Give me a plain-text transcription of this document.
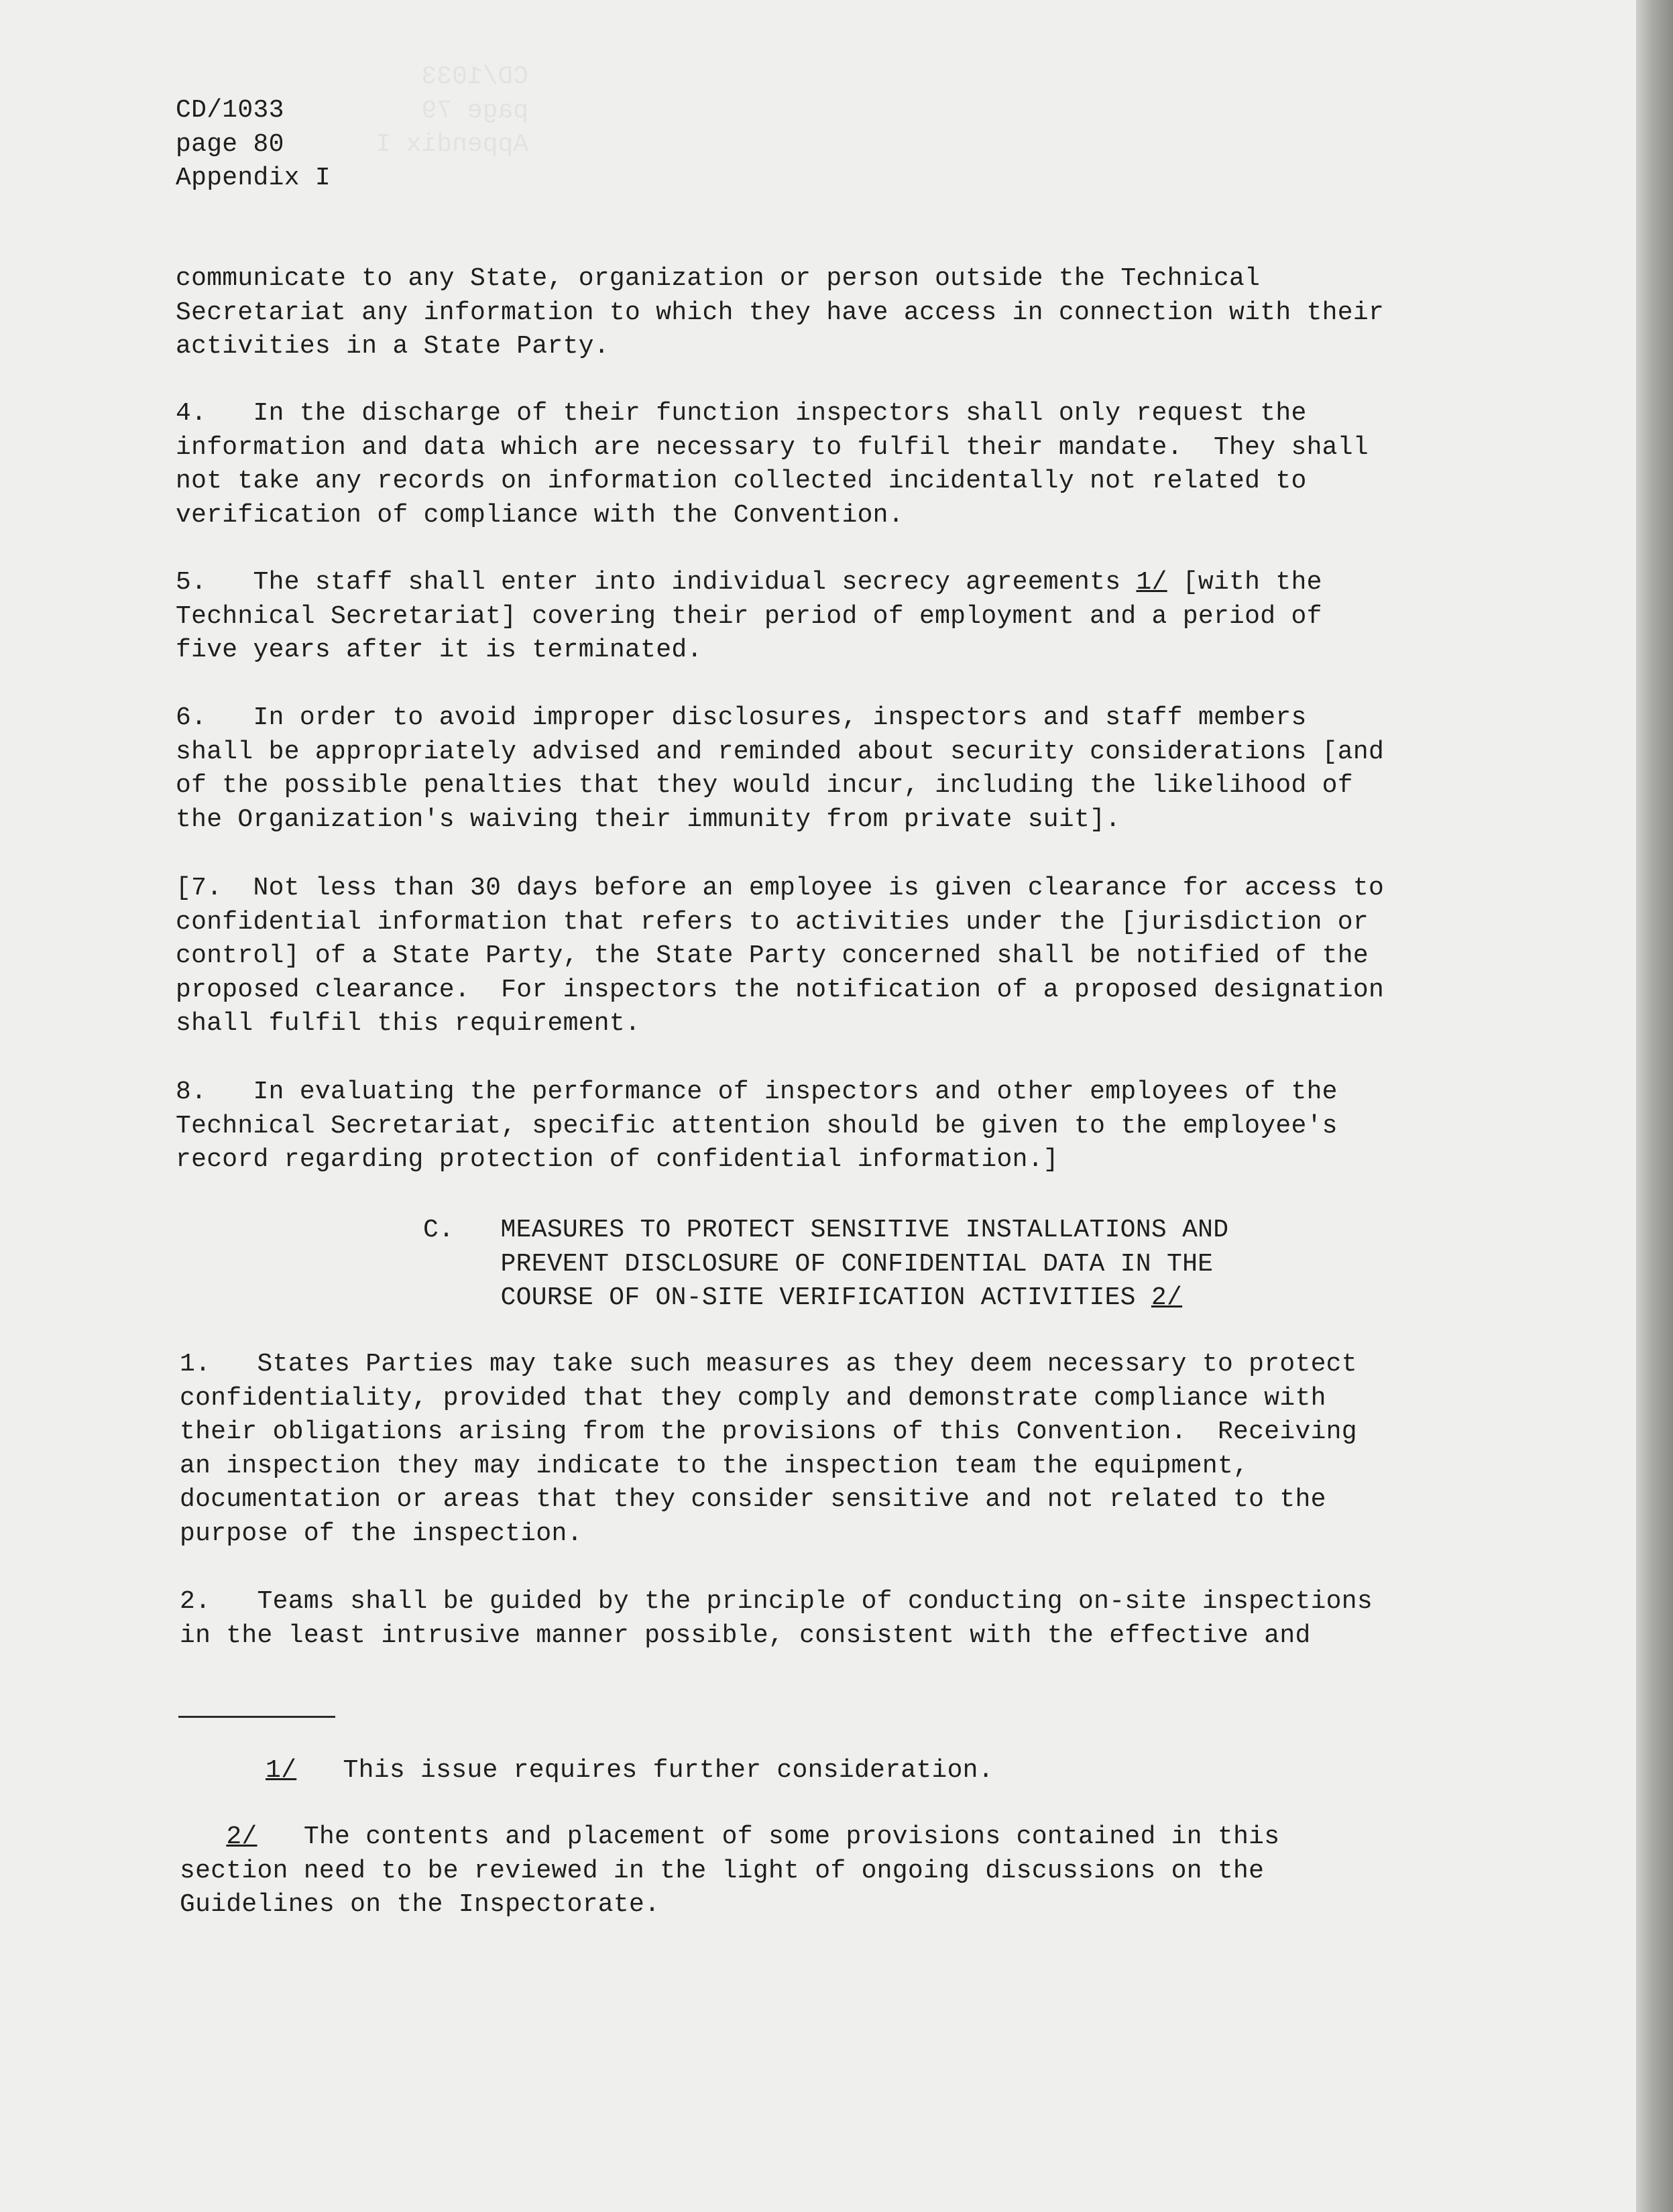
CD/1033
page 79
Appendix I
CD/1033
page 80
Appendix I
communicate to any State, organization or person outside the Technical
Secretariat any information to which they have access in connection with their
activities in a State Party.
4.   In the discharge of their function inspectors shall only request the
information and data which are necessary to fulfil their mandate.  They shall
not take any records on information collected incidentally not related to
verification of compliance with the Convention.
5.   The staff shall enter into individual secrecy agreements 1/ [with the
Technical Secretariat] covering their period of employment and a period of
five years after it is terminated.
6.   In order to avoid improper disclosures, inspectors and staff members
shall be appropriately advised and reminded about security considerations [and
of the possible penalties that they would incur, including the likelihood of
the Organization's waiving their immunity from private suit].
[7.  Not less than 30 days before an employee is given clearance for access to
confidential information that refers to activities under the [jurisdiction or
control] of a State Party, the State Party concerned shall be notified of the
proposed clearance.  For inspectors the notification of a proposed designation
shall fulfil this requirement.
8.   In evaluating the performance of inspectors and other employees of the
Technical Secretariat, specific attention should be given to the employee's
record regarding protection of confidential information.]
C.   MEASURES TO PROTECT SENSITIVE INSTALLATIONS AND
PREVENT DISCLOSURE OF CONFIDENTIAL DATA IN THE
COURSE OF ON-SITE VERIFICATION ACTIVITIES 2/
1.   States Parties may take such measures as they deem necessary to protect
confidentiality, provided that they comply and demonstrate compliance with
their obligations arising from the provisions of this Convention.  Receiving
an inspection they may indicate to the inspection team the equipment,
documentation or areas that they consider sensitive and not related to the
purpose of the inspection.
2.   Teams shall be guided by the principle of conducting on-site inspections
in the least intrusive manner possible, consistent with the effective and
1/   This issue requires further consideration.
2/   The contents and placement of some provisions contained in this
section need to be reviewed in the light of ongoing discussions on the
Guidelines on the Inspectorate.
